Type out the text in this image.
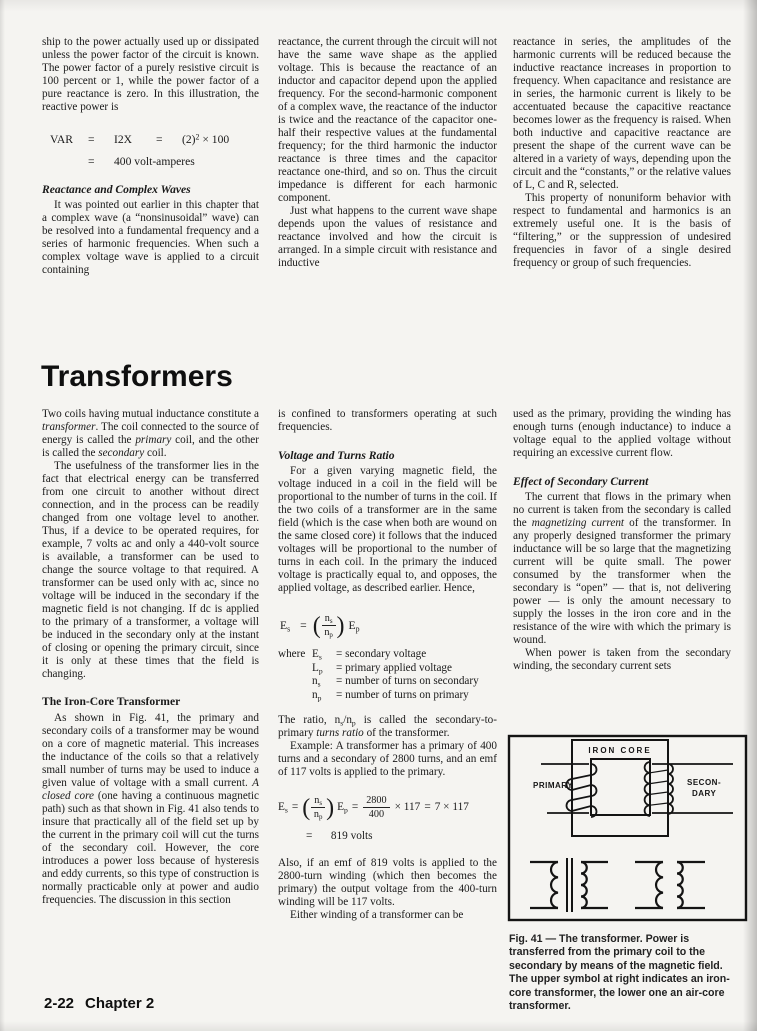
ship to the power actually used up or dissipated unless the power factor of the circuit is known. The power factor of a purely resistive circuit is 100 percent or 1, while the power factor of a pure reactance is zero. In this illustration, the reactive power is

VAR	=	I2X	=	$(2)^2 \times 100$
=	400 volt-amperes
Reactance and Complex Waves

It was pointed out earlier in this chapter that a complex wave (a “nonsinusoidal” wave) can be resolved into a fundamental frequency and a series of harmonic frequencies. When such a complex voltage wave is applied to a circuit containing

reactance, the current through the circuit will not have the same wave shape as the applied voltage. This is because the reactance of an inductor and capacitor depend upon the applied frequency. For the second-harmonic component of a complex wave, the reactance of the inductor is twice and the reactance of the capacitor one-half their respective values at the fundamental frequency; for the third harmonic the inductor reactance is three times and the capacitor reactance one-third, and so on. Thus the circuit impedance is different for each harmonic component.

Just what happens to the current wave shape depends upon the values of resistance and reactance involved and how the circuit is arranged. In a simple circuit with resistance and inductive

reactance in series, the amplitudes of the harmonic currents will be reduced because the inductive reactance increases in proportion to frequency. When capacitance and resistance are in series, the harmonic current is likely to be accentuated because the capacitive reactance becomes lower as the frequency is raised. When both inductive and capacitive reactance are present the shape of the current wave can be altered in a variety of ways, depending upon the circuit and the “constants,” or the relative values of L, C and R, selected.

This property of nonuniform behavior with respect to fundamental and harmonics is an extremely useful one. It is the basis of “filtering,” or the suppression of undesired frequencies in favor of a single desired frequency or group of such frequencies.

Transformers

Two coils having mutual inductance constitute a transformer. The coil connected to the source of energy is called the primary coil, and the other is called the secondary coil.

The usefulness of the transformer lies in the fact that electrical energy can be transferred from one circuit to another without direct connection, and in the process can be readily changed from one voltage level to another. Thus, if a device to be operated requires, for example, 7 volts ac and only a 440-volt source is available, a transformer can be used to change the source voltage to that required. A transformer can be used only with ac, since no voltage will be induced in the secondary if the magnetic field is not changing. If dc is applied to the primary of a transformer, a voltage will be induced in the secondary only at the instant of closing or opening the primary circuit, since it is only at these times that the field is changing.

The Iron-Core Transformer

As shown in Fig. 41, the primary and secondary coils of a transformer may be wound on a core of magnetic material. This increases the inductance of the coils so that a relatively small number of turns may be used to induce a given value of voltage with a small current. A closed core (one having a continuous magnetic path) such as that shown in Fig. 41 also tends to insure that practically all of the field set up by the current in the primary coil will cut the turns of the secondary coil. However, the core introduces a power loss because of hysteresis and eddy currents, so this type of construction is normally practicable only at power and audio frequencies. The discussion in this section

is confined to transformers operating at such frequencies.

Voltage and Turns Ratio

For a given varying magnetic field, the voltage induced in a coil in the field will be proportional to the number of turns in the coil. If the two coils of a transformer are in the same field (which is the case when both are wound on the same closed core) it follows that the induced voltages will be proportional to the number of turns in each coil. In the primary the induced voltage is practically equal to, and opposes, the applied voltage, as described earlier. Hence,

$E_s$ = ( $\frac{n_s}{n_p}$ ) $E_p$
where $E_s$	= secondary voltage
$L_p$	= primary applied voltage
$n_s$	= number of turns on secondary
$n_p$	= number of turns on primary

The ratio, $n_s/n_p$ is called the secondary-to-primary turns ratio of the transformer.

Example: A transformer has a primary of 400 turns and a secondary of 2800 turns, and an emf of 117 volts is applied to the primary.

$E_s$ = ( $\frac{n_s}{n_p}$ ) $E_p = \frac{2800}{400} \times 117 = 7 \times 117$
= 819 volts

Also, if an emf of 819 volts is applied to the 2800-turn winding (which then becomes the primary) the output voltage from the 400-turn winding will be 117 volts.

Either winding of a transformer can be

used as the primary, providing the winding has enough turns (enough inductance) to induce a voltage equal to the applied voltage without requiring an excessive current flow.

Effect of Secondary Current

The current that flows in the primary when no current is taken from the secondary is called the magnetizing current of the transformer. In any properly designed transformer the primary inductance will be so large that the magnetizing current will be quite small. The power consumed by the transformer when the secondary is “open” — that is, not delivering power — is only the amount necessary to supply the losses in the iron core and in the resistance of the wire with which the primary is wound.

When power is taken from the secondary winding, the secondary current sets

IRON CORE
PRIMARY	SECON-
DARY
Fig. 41 — The transformer. Power is transferred from the primary coil to the secondary by means of the magnetic field. The upper symbol at right indicates an iron-core transformer, the lower one an air-core transformer.
2-22 Chapter 2
